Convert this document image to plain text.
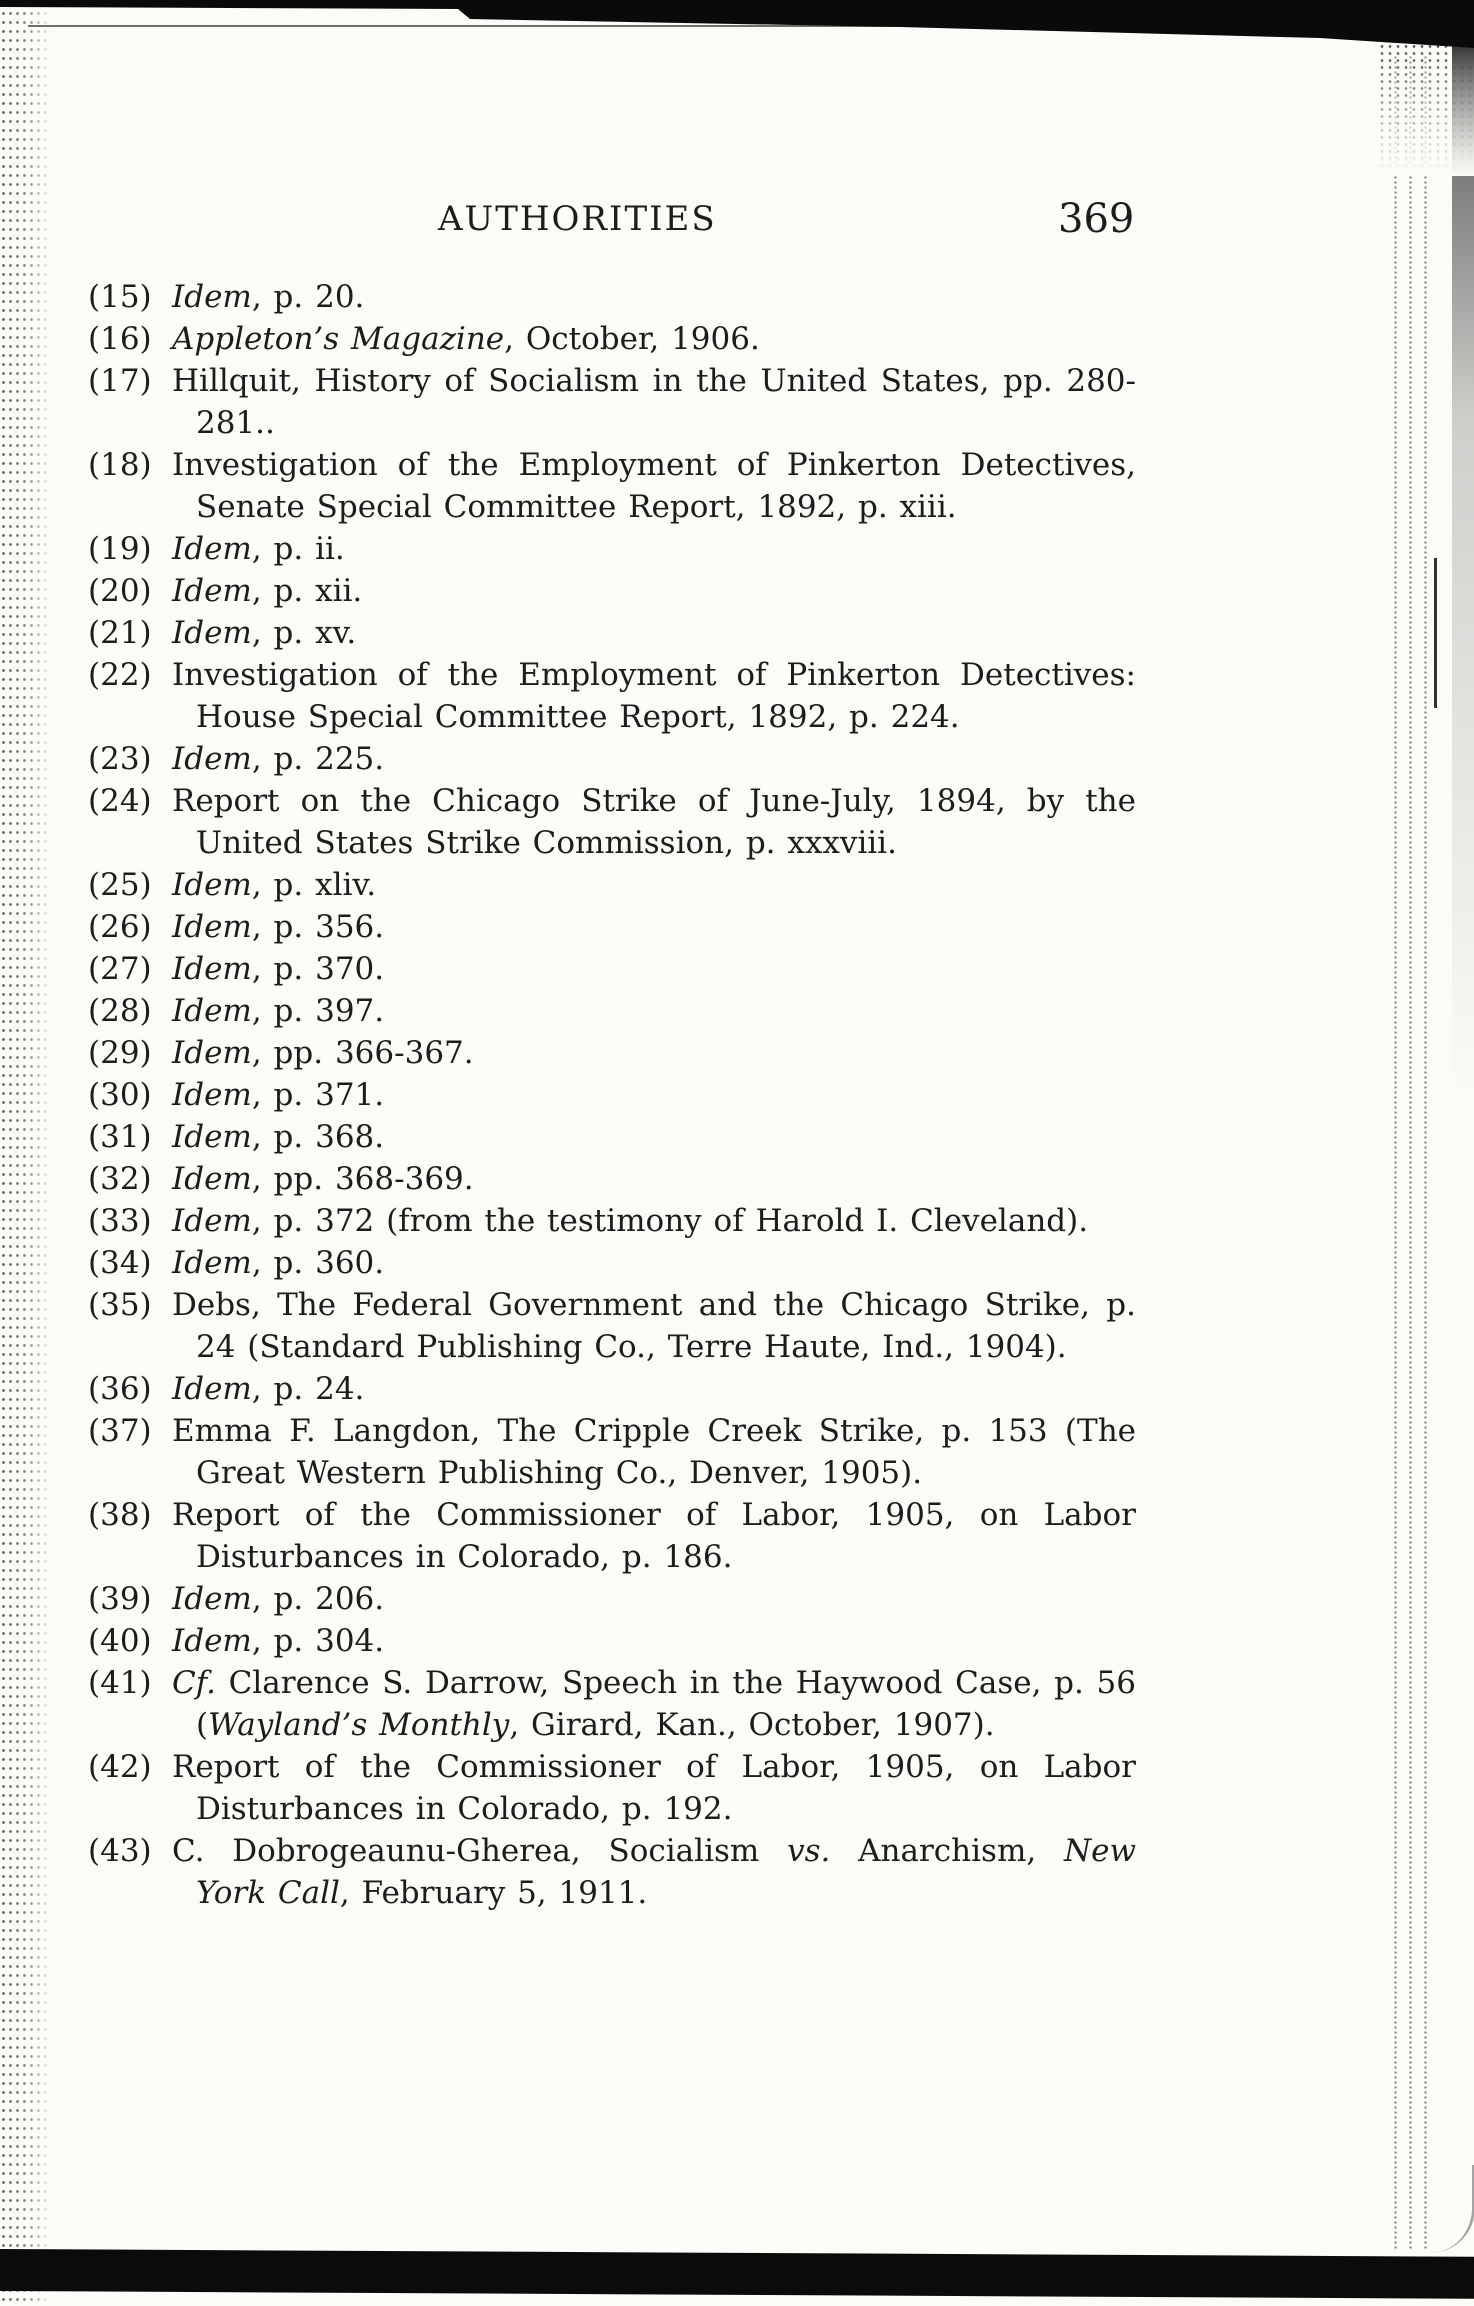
AUTHORITIES	369
(15) Idem, p. 20.
(16) Appleton’s Magazine, October, 1906.
(17) Hillquit, History of Socialism in the United States, pp. 280-281..
(18) Investigation of the Employment of Pinkerton Detectives, Senate Special Committee Report, 1892, p. xiii.
(19) Idem, p. ii.
(20) Idem, p. xii.
(21) Idem, p. xv.
(22) Investigation of the Employment of Pinkerton Detectives: House Special Committee Report, 1892, p. 224.
(23) Idem, p. 225.
(24) Report on the Chicago Strike of June-July, 1894, by the United States Strike Commission, p. xxxviii.
(25) Idem, p. xliv.
(26) Idem, p. 356.
(27) Idem, p. 370.
(28) Idem, p. 397.
(29) Idem, pp. 366-367.
(30) Idem, p. 371.
(31) Idem, p. 368.
(32) Idem, pp. 368-369.
(33) Idem, p. 372 (from the testimony of Harold I. Cleveland).
(34) Idem, p. 360.
(35) Debs, The Federal Government and the Chicago Strike, p. 24 (Standard Publishing Co., Terre Haute, Ind., 1904).
(36) Idem, p. 24.
(37) Emma F. Langdon, The Cripple Creek Strike, p. 153 (The Great Western Publishing Co., Denver, 1905).
(38) Report of the Commissioner of Labor, 1905, on Labor Disturbances in Colorado, p. 186.
(39) Idem, p. 206.
(40) Idem, p. 304.
(41) Cf. Clarence S. Darrow, Speech in the Haywood Case, p. 56 (Wayland’s Monthly, Girard, Kan., October, 1907).
(42) Report of the Commissioner of Labor, 1905, on Labor Disturbances in Colorado, p. 192.
(43) C. Dobrogeaunu-Gherea, Socialism vs. Anarchism, New York Call, February 5, 1911.
